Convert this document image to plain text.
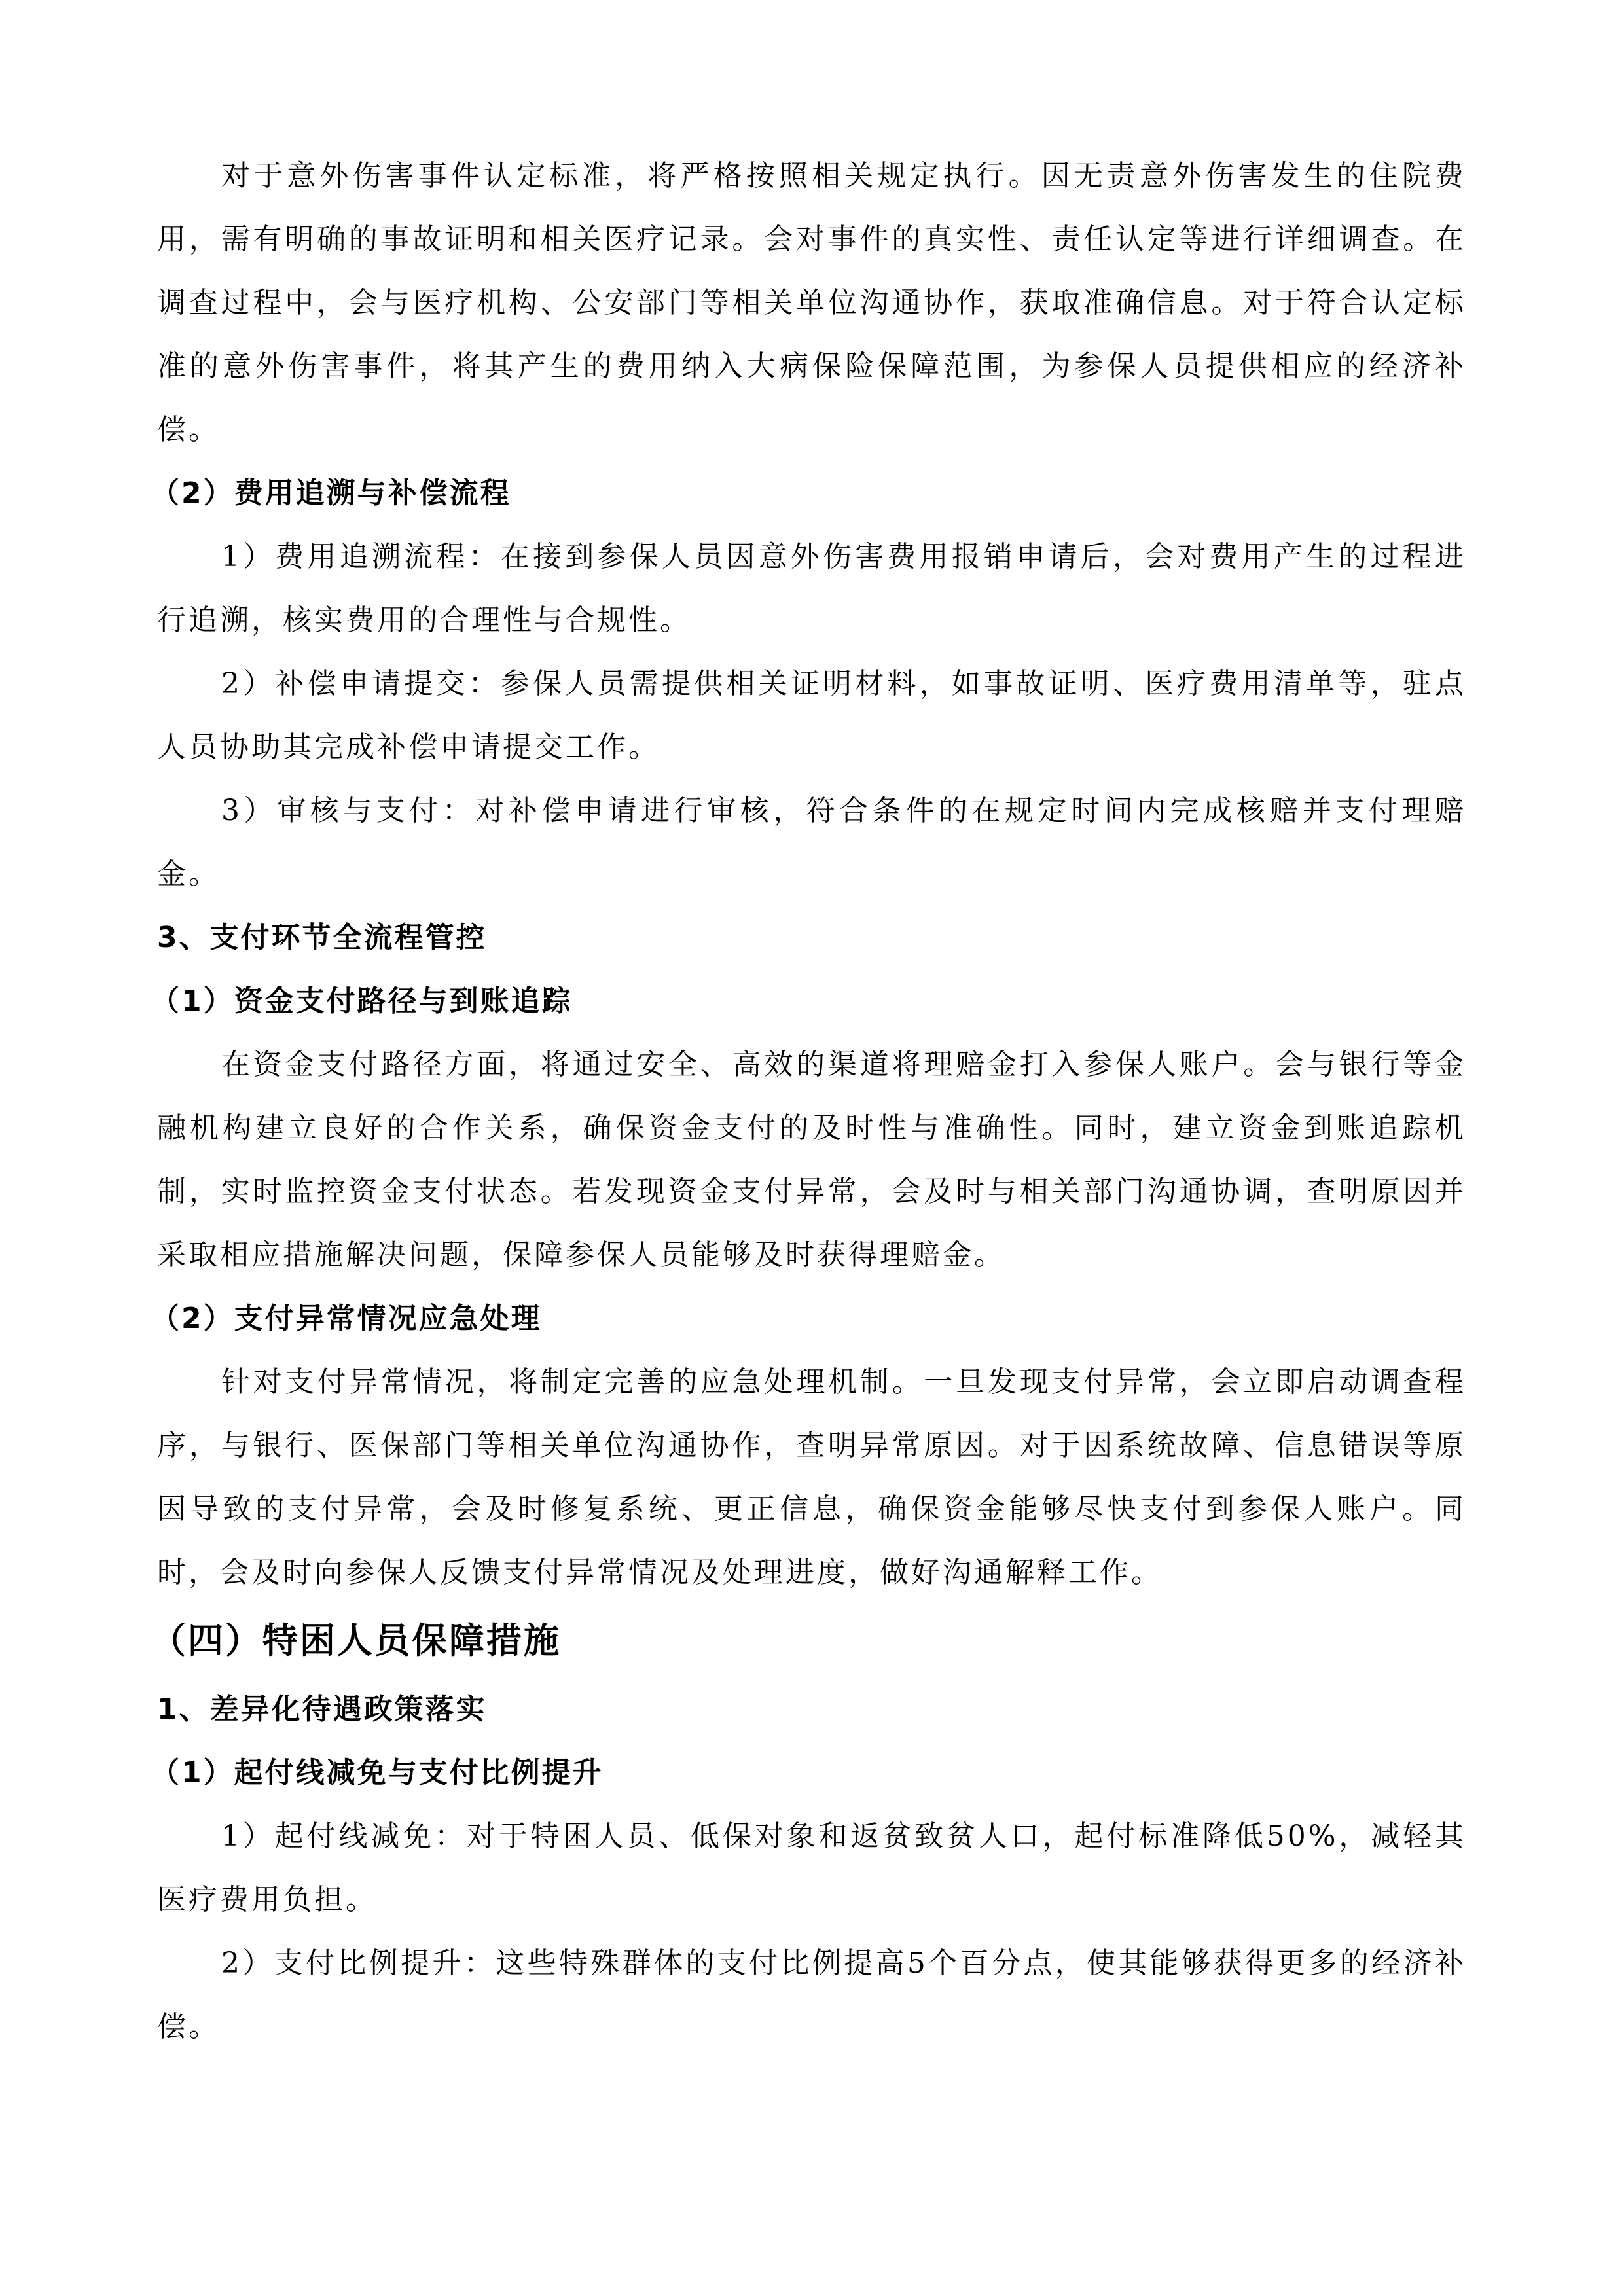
对于意外伤害事件认定标准，将严格按照相关规定执行。因无责意外伤害发生的住院费用，需有明确的事故证明和相关医疗记录。会对事件的真实性、责任认定等进行详细调查。在调查过程中，会与医疗机构、公安部门等相关单位沟通协作，获取准确信息。对于符合认定标准的意外伤害事件，将其产生的费用纳入大病保险保障范围，为参保人员提供相应的经济补偿。

（2）费用追溯与补偿流程

1）费用追溯流程：在接到参保人员因意外伤害费用报销申请后，会对费用产生的过程进行追溯，核实费用的合理性与合规性。

2）补偿申请提交：参保人员需提供相关证明材料，如事故证明、医疗费用清单等，驻点人员协助其完成补偿申请提交工作。

3）审核与支付：对补偿申请进行审核，符合条件的在规定时间内完成核赔并支付理赔金。

3、支付环节全流程管控
（1）资金支付路径与到账追踪

在资金支付路径方面，将通过安全、高效的渠道将理赔金打入参保人账户。会与银行等金融机构建立良好的合作关系，确保资金支付的及时性与准确性。同时，建立资金到账追踪机制，实时监控资金支付状态。若发现资金支付异常，会及时与相关部门沟通协调，查明原因并采取相应措施解决问题，保障参保人员能够及时获得理赔金。

（2）支付异常情况应急处理

针对支付异常情况，将制定完善的应急处理机制。一旦发现支付异常，会立即启动调查程序，与银行、医保部门等相关单位沟通协作，查明异常原因。对于因系统故障、信息错误等原因导致的支付异常，会及时修复系统、更正信息，确保资金能够尽快支付到参保人账户。同时，会及时向参保人反馈支付异常情况及处理进度，做好沟通解释工作。

（四）特困人员保障措施
1、差异化待遇政策落实
（1）起付线减免与支付比例提升

1）起付线减免：对于特困人员、低保对象和返贫致贫人口，起付标准降低50%，减轻其医疗费用负担。

2）支付比例提升：这些特殊群体的支付比例提高5个百分点，使其能够获得更多的经济补偿。
